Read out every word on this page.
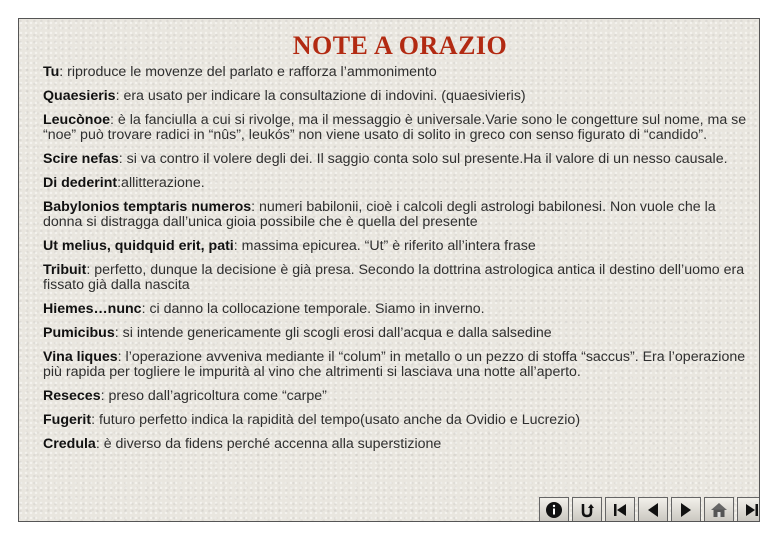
NOTE A ORAZIO

Tu: riproduce le movenze del parlato e rafforza l’ammonimento

Quaesieris: era usato per indicare la consultazione di indovini. (quaesivieris)

Leucònoe: è la fanciulla a cui si rivolge, ma il messaggio è universale.Varie sono le congetture sul nome, ma se “noe” può trovare radici in “nûs”, leukós” non viene usato di solito in greco con senso figurato di “candido”.

Scire nefas: si va contro il volere degli dei. Il saggio conta solo sul presente.Ha il valore di un nesso causale.

Di dederint:allitterazione.

Babylonios temptaris numeros: numeri babilonii, cioè i calcoli degli astrologi babilonesi. Non vuole che la donna si distragga dall’unica gioia possibile che è quella del presente

Ut melius, quidquid erit, pati: massima epicurea. “Ut” è riferito all’intera frase

Tribuit: perfetto, dunque la decisione è già presa. Secondo la dottrina astrologica antica il destino dell’uomo era fissato già dalla nascita

Hiemes…nunc: ci danno la collocazione temporale. Siamo in inverno.

Pumicibus: si intende genericamente gli scogli erosi dall’acqua e dalla salsedine

Vina liques: l’operazione avveniva mediante il “colum” in metallo o un pezzo di stoffa “saccus”. Era l’operazione più rapida per togliere le impurità al vino che altrimenti si lasciava una notte all’aperto.

Reseces: preso dall’agricoltura come “carpe”

Fugerit: futuro perfetto indica la rapidità del tempo(usato anche da Ovidio e Lucrezio)

Credula: è diverso da fidens perché accenna alla superstizione
